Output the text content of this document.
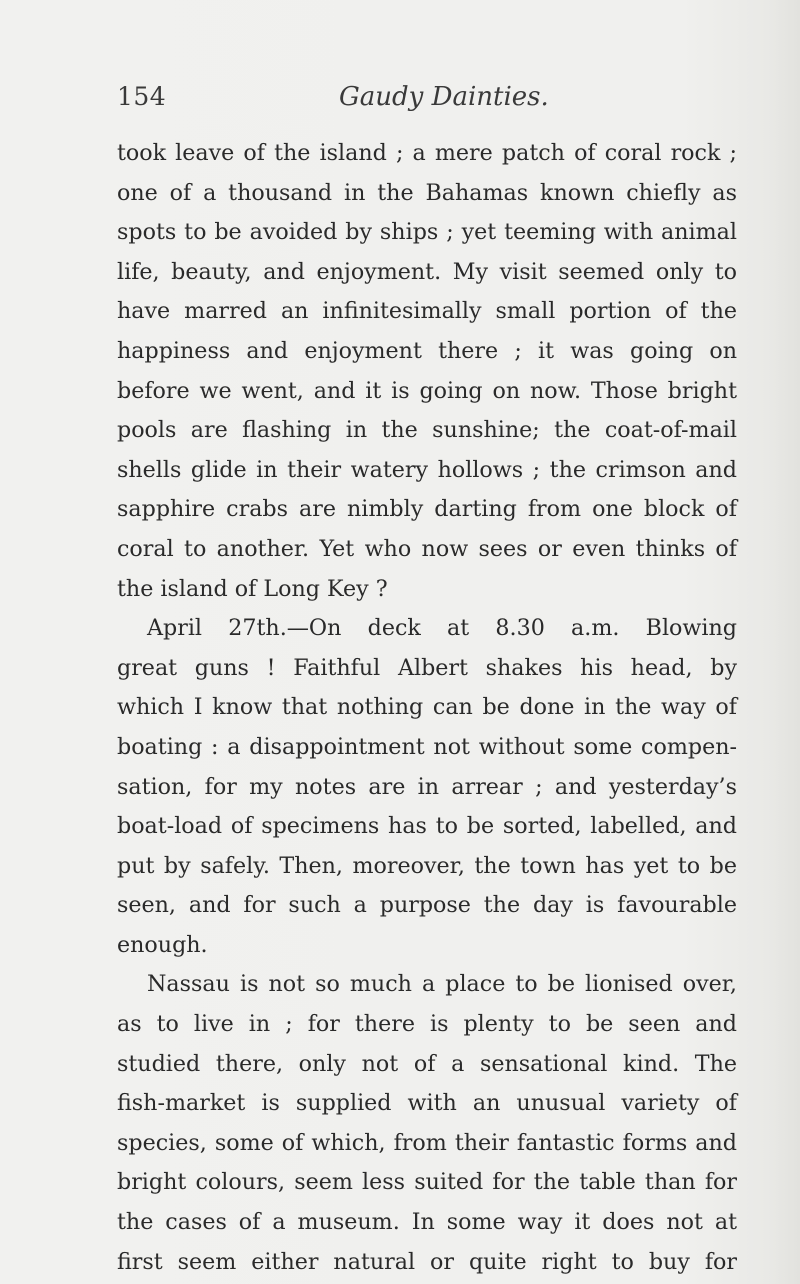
154	Gaudy Dainties.
took leave of the island ; a mere patch of coral rock ;
one of a thousand in the Bahamas known chiefly as
spots to be avoided by ships ; yet teeming with animal
life, beauty, and enjoyment. My visit seemed only to
have marred an infinitesimally small portion of the
happiness and enjoyment there ; it was going on
before we went, and it is going on now. Those bright
pools are flashing in the sunshine; the coat-of-mail
shells glide in their watery hollows ; the crimson and
sapphire crabs are nimbly darting from one block of
coral to another. Yet who now sees or even thinks of
the island of Long Key ?
April 27th.—On deck at 8.30 a.m. Blowing
great guns ! Faithful Albert shakes his head, by
which I know that nothing can be done in the way of
boating : a disappointment not without some compen-
sation, for my notes are in arrear ; and yesterday’s
boat-load of specimens has to be sorted, labelled, and
put by safely. Then, moreover, the town has yet to be
seen, and for such a purpose the day is favourable
enough.
Nassau is not so much a place to be lionised over,
as to live in ; for there is plenty to be seen and
studied there, only not of a sensational kind. The
fish-market is supplied with an unusual variety of
species, some of which, from their fantastic forms and
bright colours, seem less suited for the table than for
the cases of a museum. In some way it does not at
first seem either natural or quite right to buy for
